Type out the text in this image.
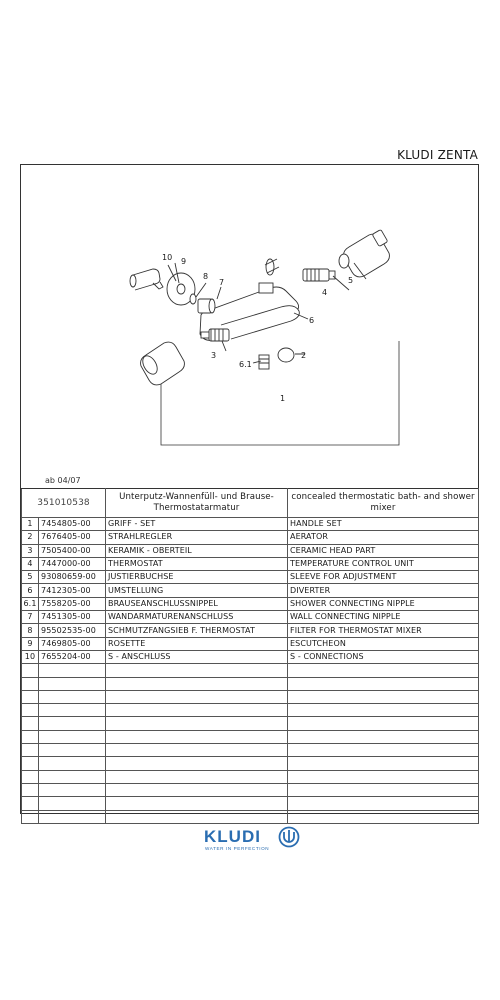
KLUDI ZENTA
10 9
8
7
6
5
4
3	2
6.1
1
ab 04/07
351010538		Unterputz-Wannenfüll- und Brause-Thermostatarmatur	concealed thermostatic bath- and shower mixer
1	7454805-00	GRIFF - SET	HANDLE SET
2	7676405-00	STRAHLREGLER	AERATOR
3	7505400-00	KERAMIK - OBERTEIL	CERAMIC HEAD PART
4	7447000-00	THERMOSTAT	TEMPERATURE CONTROL UNIT
5	93080659-00	JUSTIERBUCHSE	SLEEVE FOR ADJUSTMENT
6	7412305-00	UMSTELLUNG	DIVERTER
6.1	7558205-00	BRAUSEANSCHLUSSNIPPEL	SHOWER CONNECTING NIPPLE
7	7451305-00	WANDARMATURENANSCHLUSS	WALL CONNECTING NIPPLE
8	95502535-00	SCHMUTZFANGSIEB F. THERMOSTAT	FILTER FOR THERMOSTAT MIXER
9	7469805-00	ROSETTE	ESCUTCHEON
10	7655204-00	S - ANSCHLUSS	S - CONNECTIONS

KLUDI
WATER IN PERFECTION
